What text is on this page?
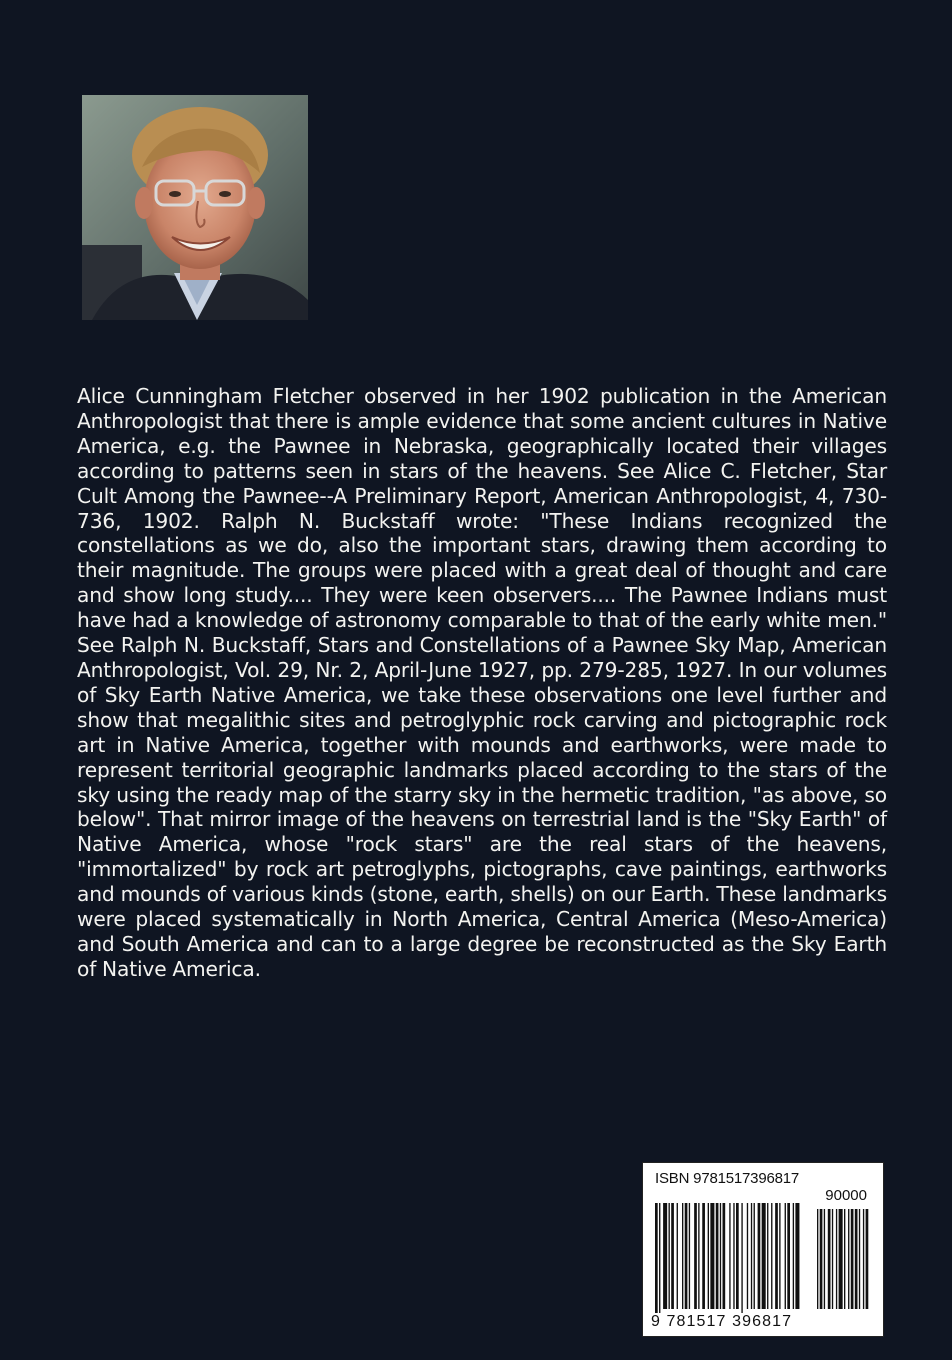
Alice Cunningham Fletcher observed in her 1902 publication in the American Anthropologist that there is ample evidence that some ancient cultures in Native America, e.g. the Pawnee in Nebraska, geographically located their villages according to patterns seen in stars of the heavens. See Alice C. Fletcher, Star Cult Among the Pawnee--A Preliminary Report, American Anthropologist, 4, 730-736, 1902. Ralph N. Buckstaff wrote: "These Indians recognized the constellations as we do, also the important stars, drawing them according to their magnitude. The groups were placed with a great deal of thought and care and show long study.... They were keen observers.... The Pawnee Indians must have had a knowledge of astronomy comparable to that of the early white men." See Ralph N. Buckstaff, Stars and Constellations of a Pawnee Sky Map, American Anthropologist, Vol. 29, Nr. 2, April-June 1927, pp. 279-285, 1927. In our volumes of Sky Earth Native America, we take these observations one level further and show that megalithic sites and petroglyphic rock carving and pictographic rock art in Native America, together with mounds and earthworks, were made to represent territorial geographic landmarks placed according to the stars of the sky using the ready map of the starry sky in the hermetic tradition, "as above, so below". That mirror image of the heavens on terrestrial land is the "Sky Earth" of Native America, whose "rock stars" are the real stars of the heavens, "immortalized" by rock art petroglyphs, pictographs, cave paintings, earthworks and mounds of various kinds (stone, earth, shells) on our Earth. These landmarks were placed systematically in North America, Central America (Meso-America) and South America and can to a large degree be reconstructed as the Sky Earth of Native America.

ISBN 9781517396817
90000
9 781517 396817
